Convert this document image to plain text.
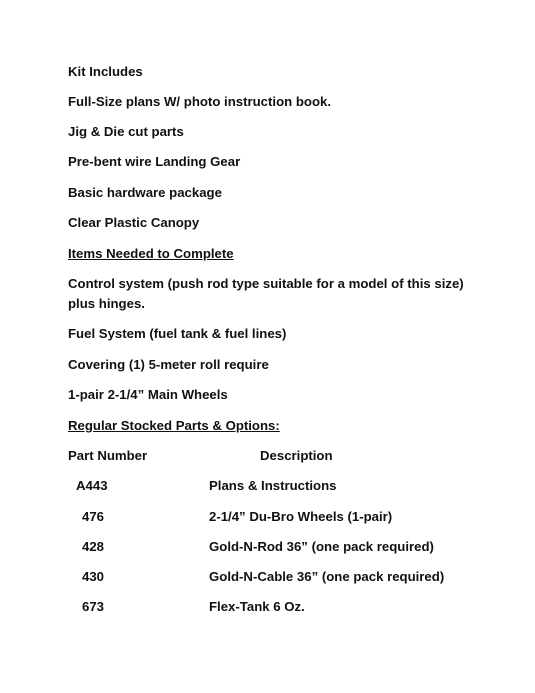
Kit Includes

Full-Size plans W/ photo instruction book.

Jig & Die cut parts

Pre-bent wire Landing Gear

Basic hardware package

Clear Plastic Canopy

Items Needed to Complete

Control system (push rod type suitable for a model of this size) plus hinges.

Fuel System (fuel tank & fuel lines)

Covering (1) 5-meter roll require

1-pair 2-1/4” Main Wheels

Regular Stocked Parts & Options:

Part Number	Description
A443	Plans & Instructions
476	2-1/4” Du-Bro Wheels (1-pair)
428	Gold-N-Rod 36” (one pack required)
430	Gold-N-Cable 36” (one pack required)
673	Flex-Tank 6 Oz.
